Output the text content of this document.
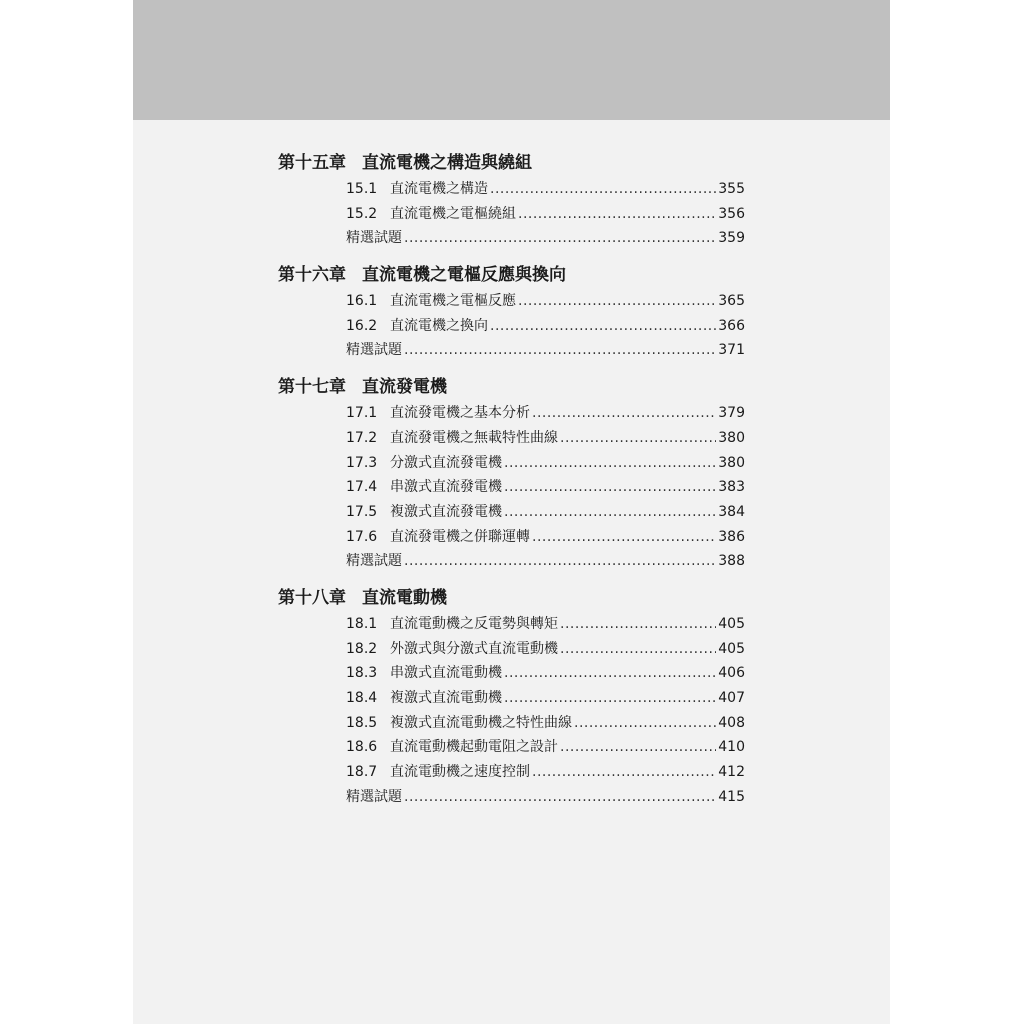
第十五章 直流電機之構造與繞組
15.1 直流電機之構造 .....	355
15.2 直流電機之電樞繞組 .....	356
精選試題 .....	359
第十六章 直流電機之電樞反應與換向
16.1 直流電機之電樞反應 .....	365
16.2 直流電機之換向 .....	366
精選試題 .....	371
第十七章 直流發電機
17.1 直流發電機之基本分析 .....	379
17.2 直流發電機之無載特性曲線 .....	380
17.3 分激式直流發電機 .....	380
17.4 串激式直流發電機 .....	383
17.5 複激式直流發電機 .....	384
17.6 直流發電機之併聯運轉 .....	386
精選試題 .....	388
第十八章 直流電動機
18.1 直流電動機之反電勢與轉矩 .....	405
18.2 外激式與分激式直流電動機 .....	405
18.3 串激式直流電動機 .....	406
18.4 複激式直流電動機 .....	407
18.5 複激式直流電動機之特性曲線 .....	408
18.6 直流電動機起動電阻之設計 .....	410
18.7 直流電動機之速度控制 .....	412
精選試題 .....	415
